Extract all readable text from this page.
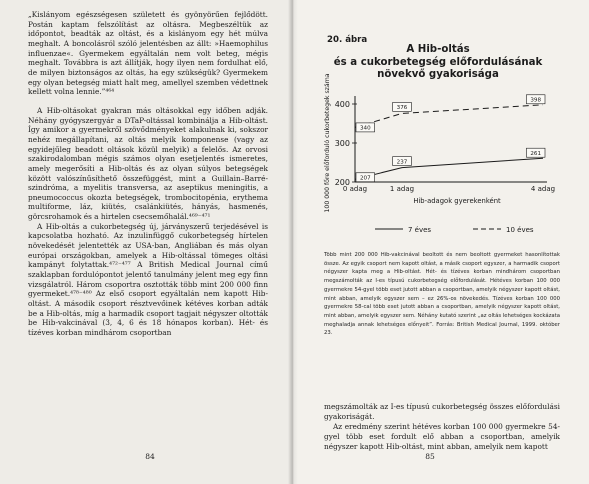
„Kislányom egészségesen született és gyönyörűen fejlődött. Postán kaptam felszólítást az oltásra. Megbeszéltük az időpontot, beadták az oltást, és a kislányom egy hét múlva meghalt. A boncolásról szóló jelentésben az állt: »Haemophilus influenzae«. Gyermekem egyáltalán nem volt beteg, mégis meghalt. Továbbra is azt állítják, hogy ilyen nem fordulhat elő, de milyen biztonságos az oltás, ha egy szükségük? Gyermekem egy olyan betegség miatt halt meg, amellyel szemben védettnek kellett volna lennie.”⁴⁶⁴

A Hib-oltásokat gyakran más oltásokkal egy időben adják. Néhány gyógyszergyár a DTaP-oltással kombinálja a Hib-oltást. Így amikor a gyermekről szövődményeket alakulnak ki, sokszor nehéz megállapítani, az oltás melyik komponense (vagy az egyidejűleg beadott oltások közül melyik) a felelős. Az orvosi szakirodalomban mégis számos olyan esetjelentés ismeretes, amely megerősíti a Hib-oltás és az olyan súlyos betegségek között valószínűsíthető összefüggést, mint a Guillain–Barré-szindróma, a myelitis transversa, az aseptikus meningitis, a pneumococcus okozta betegségek, trombocitopénia, erythema multiforme, láz, kiütés, csalánkiütés, hányás, hasmenés, görcsrohamok és a hirtelen csecsemőhalál.⁴⁶⁹⁻⁴⁷¹

A Hib-oltás a cukorbetegség új, járványszerű terjedésével is kapcsolatba hozható. Az inzulinfüggő cukorbetegség hírtelen növekedését jelentették az USA-ban, Angliában és más olyan európai országokban, amelyek a Hib-oltással tömeges oltási kampányt folytattak.⁴⁷²⁻⁴⁷⁷ A British Medical Journal című szaklapban fordulópontot jelentő tanulmány jelent meg egy finn vizsgálatról. Három csoportra osztották több mint 200 000 finn gyermeket.⁴⁷⁸⁻⁴⁸⁰ Az első csoport egyáltalán nem kapott Hib-oltást. A második csoport résztvevőinek kétéves korban adták be a Hib-oltás, míg a harmadik csoport tagjait négyszer oltották be Hib-vakcinával (3, 4, 6 és 18 hónapos korban). Hét- és tízéves korban mindhárom csoportban

84
20. ábra
A Hib-oltás
és a cukorbetegség előfordulásának
növekvő gyakorisága
200
300
400
0 adag	1 adag	4 adag
Hib-adagok gyerekenként
100 000 főre előforduló cukorbetegek száma	207
237
261
340
376
398
7 éves	10 éves
Több mint 200 000 Hib-vakcinával beoltott és nem beoltott gyermeket hasonlítottak össze. Az egyik csoport nem kapott oltást, a másik csoport egyszer, a harmadik csoport négyszer kapta meg a Hib-oltást. Hét- és tízéves korban mindhárom csoportban megszámolták az I-es típusú cukorbetegség előfordulását. Hétéves korban 100 000 gyermekre 54-gyel több eset jutott abban a csoportban, amelyik négyszer kapott oltást, mint abban, amelyik egyszer sem – ez 26%-os növekedés. Tízéves korban 100 000 gyermekre 58-cal több eset jutott abban a csoportban, amelyik négyszer kapott oltást, mint abban, amelyik egyszer sem. Néhány kutató szerint „az oltás lehetséges kockázata meghaladja annak lehetséges előnyeit”. Forrás: British Medical Journal, 1999. október 23.

megszámolták az I-es típusú cukorbetegség összes előfordulási gyakoriságát.

Az eredmény szerint hétéves korban 100 000 gyermekre 54-gyel több eset fordult elő abban a csoportban, amelyik négyszer kapott Hib-oltást, mint abban, amelyik nem kapott

85
